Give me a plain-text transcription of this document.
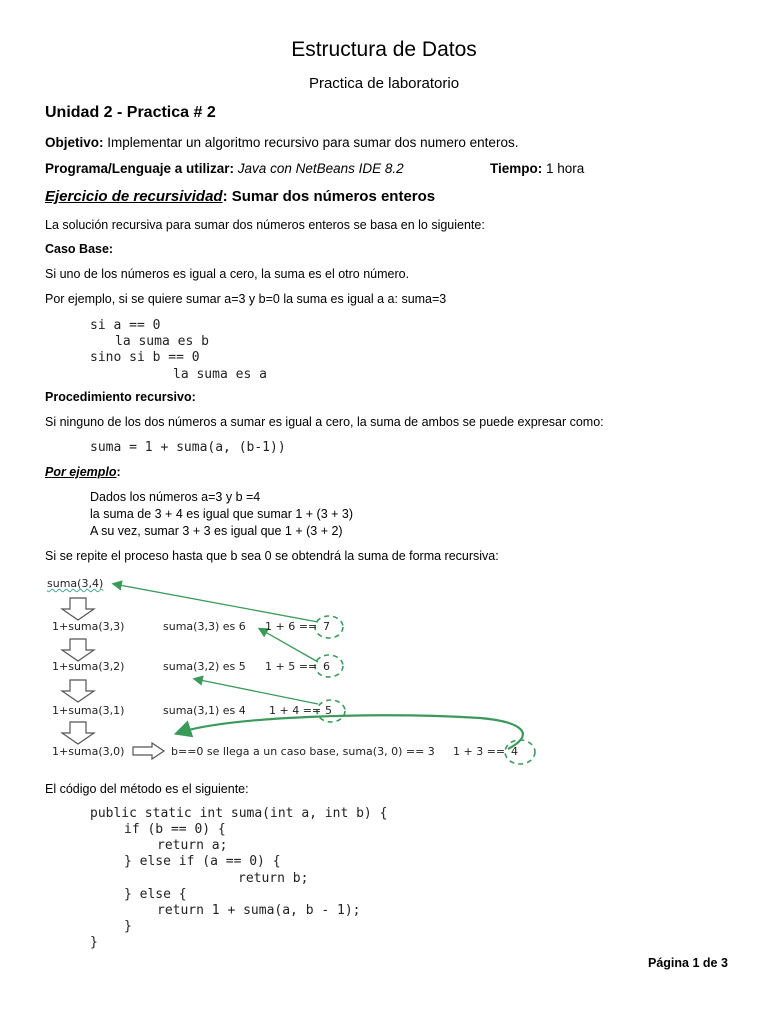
Estructura de Datos
Practica de laboratorio
Unidad 2 - Practica # 2
Objetivo: Implementar un algoritmo recursivo para sumar dos numero enteros.
Programa/Lenguaje a utilizar: Java con NetBeans IDE 8.2	Tiempo: 1 hora
Ejercicio de recursividad: Sumar dos números enteros
La solución recursiva para sumar dos números enteros se basa en lo siguiente:
Caso Base:
Si uno de los números es igual a cero, la suma es el otro número.
Por ejemplo, si se quiere sumar a=3 y b=0 la suma es igual a a: suma=3
si a == 0
la suma es b
sino si b == 0
la suma es a
Procedimiento recursivo:
Si ninguno de los dos números a sumar es igual a cero, la suma de ambos se puede expresar como:
suma = 1 + suma(a, (b-1))
Por ejemplo:
Dados los números a=3 y b =4
la suma de 3 + 4 es igual que sumar 1 + (3 + 3)
A su vez, sumar 3 + 3 es igual que 1 + (3 + 2)
Si se repite el proceso hasta que b sea 0 se obtendrá la suma de forma recursiva:
suma(3,4)
1+suma(3,3)	suma(3,3) es 6 1 + 6 == 7
1+suma(3,2)	suma(3,2) es 5 1 + 5 == 6
1+suma(3,1)	suma(3,1) es 4 1 + 4 == 5
1+suma(3,0)	b==0 se llega a un caso base, suma(3, 0) == 3 1 + 3 == 4
El código del método es el siguiente:
public static int suma(int a, int b) {
if (b == 0) {
return a;
} else if (a == 0) {
return b;
} else {
return 1 + suma(a, b - 1);
}
}
Página 1 de 3
